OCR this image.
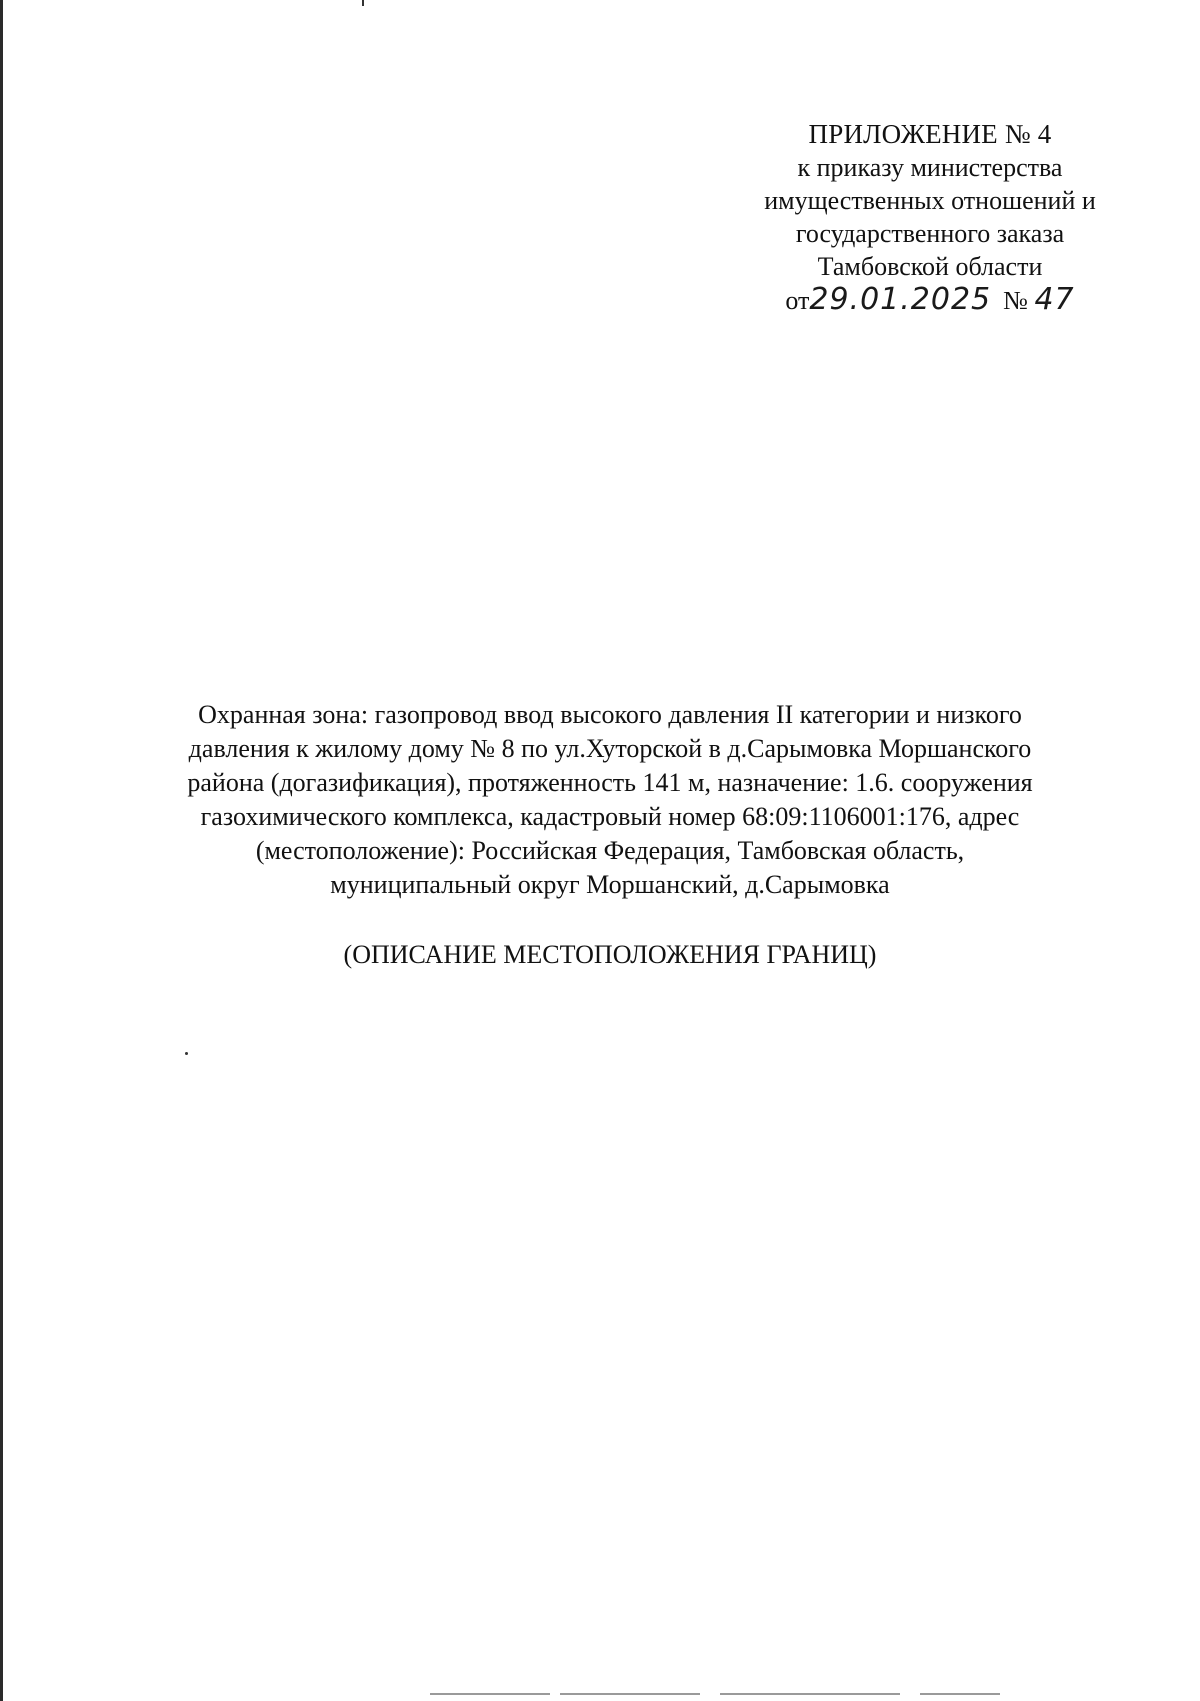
ПРИЛОЖЕНИЕ № 4
к приказу министерства
имущественных отношений и
государственного заказа
Тамбовской области
от29.01.2025 № 47
Охранная зона: газопровод ввод высокого давления II категории и низкого
давления к жилому дому № 8 по ул.Хуторской в д.Сарымовка Моршанского
района (догазификация), протяженность 141 м, назначение: 1.6. сооружения
газохимического комплекса, кадастровый номер 68:09:1106001:176, адрес
(местоположение): Российская Федерация, Тамбовская область,
муниципальный округ Моршанский, д.Сарымовка
(ОПИСАНИЕ МЕСТОПОЛОЖЕНИЯ ГРАНИЦ)
